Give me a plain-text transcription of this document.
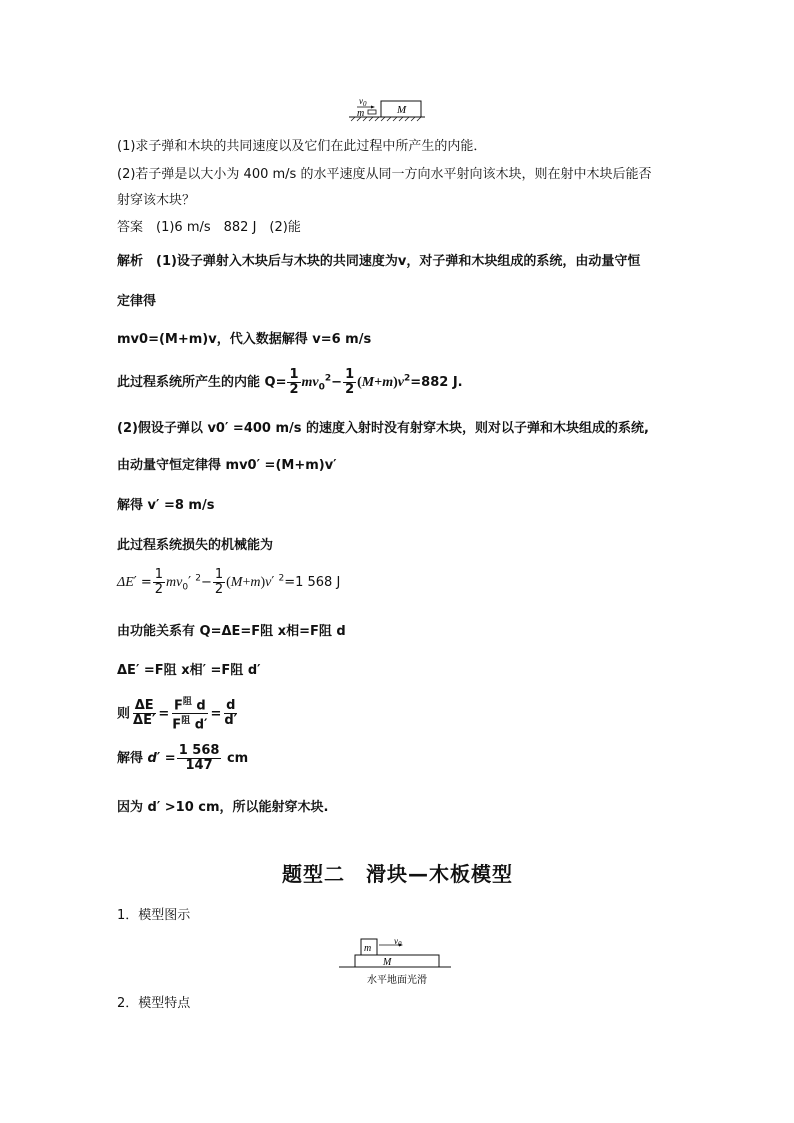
M
$v_0$
m
(1)求子弹和木块的共同速度以及它们在此过程中所产生的内能．
(2)若子弹是以大小为 400 m/s 的水平速度从同一方向水平射向该木块，则在射中木块后能否
射穿该木块？
答案　(1)6 m/s　882 J　(2)能
解析　(1)设子弹射入木块后与木块的共同速度为v，对子弹和木块组成的系统，由动量守恒
定律得
mv0=(M+m)v，代入数据解得 v=6 m/s
此过程系统所产生的内能 $Q= \frac{1}{2} mv_0^2- \frac{1}{2} (M+m)v^2=882$ J.
(2)假设子弹以 v0′ =400 m/s 的速度入射时没有射穿木块，则对以子弹和木块组成的系统,
由动量守恒定律得 mv0′ =(M+m)v′
解得 v′ =8 m/s
此过程系统损失的机械能为
$\Delta E' = \frac{1}{2} mv_0'$ $^2- \frac{1}{2} (M+m)v'$ $^2$=1 568 J
由功能关系有 Q=ΔE=F阻 x相=F阻 d
ΔE′ =F阻 x相′ =F阻 d′
则 $\frac{\Delta E}{\Delta E'} = \frac{F^阻 d}{F^阻 d'} = \frac{d}{d'}$
解得 $d' = \frac{1 568}{147}$ cm
因为 d′ >10 cm，所以能射穿木块.
题型二　滑块—木板模型
1．模型图示
m
$v_0$
M
水平地面光滑
2．模型特点
